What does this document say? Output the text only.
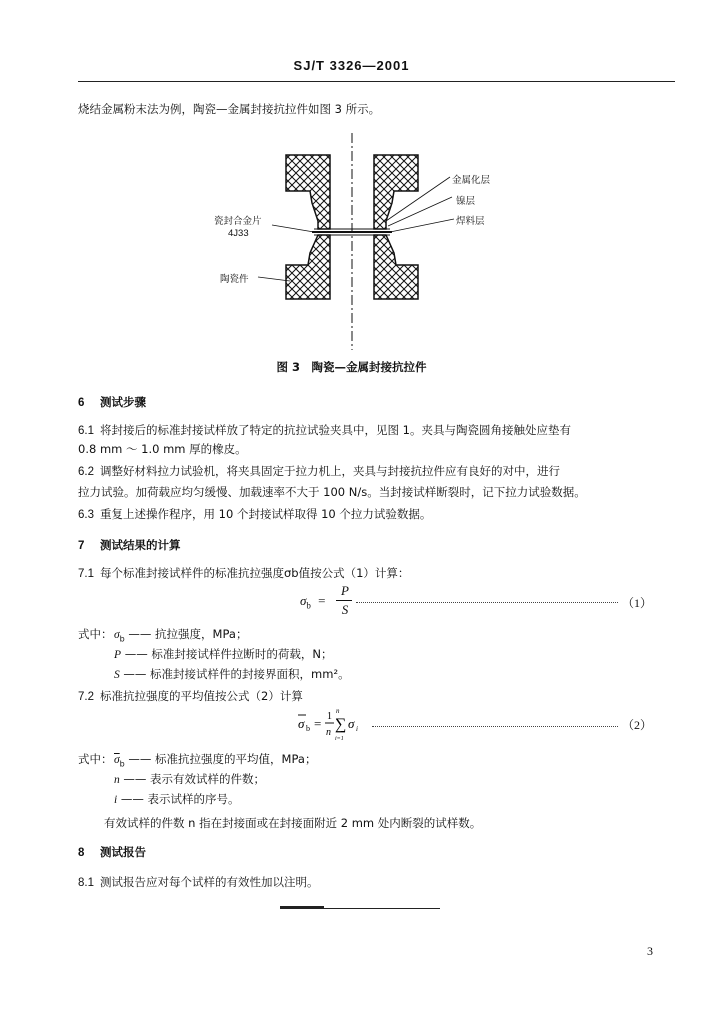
SJ/T 3326—2001
烧结金属粉末法为例，陶瓷—金属封接抗拉件如图 3 所示。
金属化层
镍层
焊料层
瓷封合金片
4J33
陶瓷件
图 3　陶瓷—金属封接抗拉件
6 测试步骤
6.1 将封接后的标准封接试样放了特定的抗拉试验夹具中，见图 1。夹具与陶瓷圆角接触处应垫有
0.8 mm ～ 1.0 mm 厚的橡皮。
6.2 调整好材料拉力试验机，将夹具固定于拉力机上，夹具与封接抗拉件应有良好的对中，进行
拉力试验。加荷载应均匀缓慢、加载速率不大于 100 N/s。当封接试样断裂时，记下拉力试验数据。
6.3 重复上述操作程序，用 10 个封接试样取得 10 个拉力试验数据。
7 测试结果的计算
7.1 每个标准封接试样件的标准抗拉强度σb值按公式（1）计算：
$\sigma_b$ =
P
S	（1）
式中： $\sigma_b$ —— 抗拉强度，MPa；
P —— 标准封接试样件拉断时的荷载，N；
S —— 标准封接试样件的封接界面积，mm²。
7.2 标准抗拉强度的平均值按公式（2）计算
σ b = 1
n
n
∑
i=1
σ i	（2）
式中： $\overline{\sigma}_b$ —— 标准抗拉强度的平均值，MPa；
n —— 表示有效试样的件数；
i —— 表示试样的序号。
有效试样的件数 n 指在封接面或在封接面附近 2 mm 处内断裂的试样数。
8 测试报告
8.1 测试报告应对每个试样的有效性加以注明。
3
